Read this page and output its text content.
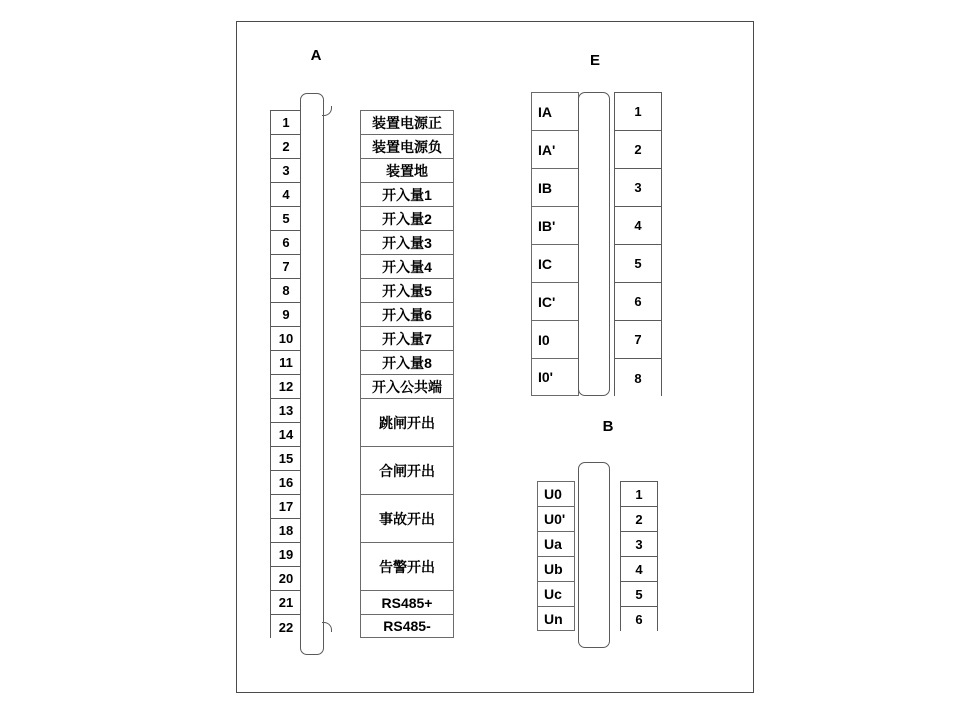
A
1
2
3
4
5
6
7
8
9
10
11
12
13
14
15
16
17
18
19
20
21
22
装置电源正
装置电源负
装置地
开入量1
开入量2
开入量3
开入量4
开入量5
开入量6
开入量7
开入量8
开入公共端
跳闸开出
合闸开出
事故开出
告警开出
RS485+
RS485-
E
IA
IA'
IB
IB'
IC
IC'
I0
I0'
1
2
3
4
5
6
7
8
B
U0
U0'
Ua
Ub
Uc
Un
1
2
3
4
5
6
